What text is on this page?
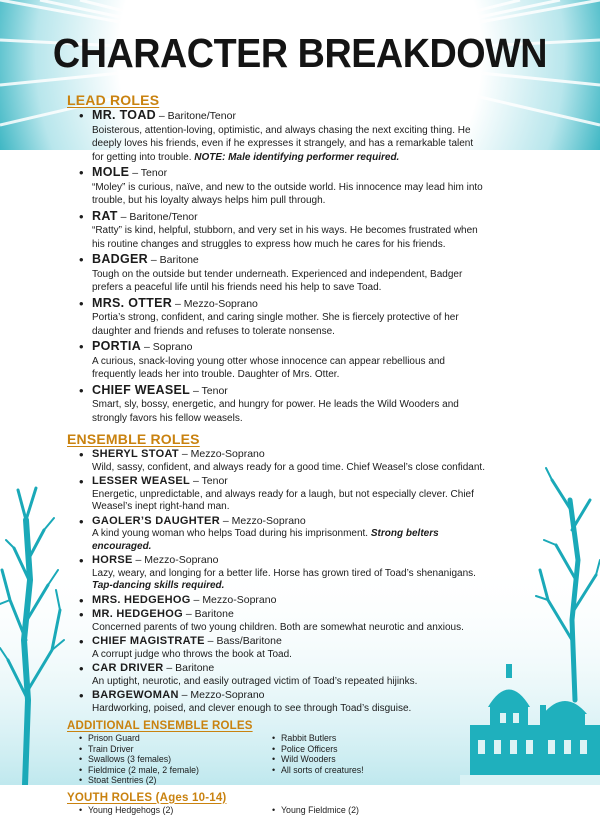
CHARACTER BREAKDOWN
LEAD ROLES
• MR. TOAD – Baritone/Tenor
Boisterous, attention-loving, optimistic, and always chasing the next exciting thing. He deeply loves his friends, even if he expresses it strangely, and has a remarkable talent for getting into trouble. NOTE: Male identifying performer required.
• MOLE – Tenor
“Moley” is curious, naïve, and new to the outside world. His innocence may lead him into trouble, but his loyalty always helps him pull through.
• RAT – Baritone/Tenor
“Ratty” is kind, helpful, stubborn, and very set in his ways. He becomes frustrated when his routine changes and struggles to express how much he cares for his friends.
• BADGER – Baritone
Tough on the outside but tender underneath. Experienced and independent, Badger prefers a peaceful life until his friends need his help to save Toad.
• MRS. OTTER – Mezzo-Soprano
Portia’s strong, confident, and caring single mother. She is fiercely protective of her daughter and friends and refuses to tolerate nonsense.
• PORTIA – Soprano
A curious, snack-loving young otter whose innocence can appear rebellious and frequently leads her into trouble. Daughter of Mrs. Otter.
• CHIEF WEASEL – Tenor
Smart, sly, bossy, energetic, and hungry for power. He leads the Wild Wooders and strongly favors his fellow weasels.
ENSEMBLE ROLES
• SHERYL STOAT – Mezzo-Soprano
Wild, sassy, confident, and always ready for a good time. Chief Weasel’s close confidant.
• LESSER WEASEL – Tenor
Energetic, unpredictable, and always ready for a laugh, but not especially clever. Chief Weasel’s inept right-hand man.
• GAOLER’S DAUGHTER – Mezzo-Soprano
A kind young woman who helps Toad during his imprisonment. Strong belters encouraged.
• HORSE – Mezzo-Soprano
Lazy, weary, and longing for a better life. Horse has grown tired of Toad’s shenanigans. Tap-dancing skills required.
• MRS. HEDGEHOG – Mezzo-Soprano
• MR. HEDGEHOG – Baritone
Concerned parents of two young children. Both are somewhat neurotic and anxious.
• CHIEF MAGISTRATE – Bass/Baritone
A corrupt judge who throws the book at Toad.
• CAR DRIVER – Baritone
An uptight, neurotic, and easily outraged victim of Toad’s repeated hijinks.
• BARGEWOMAN – Mezzo-Soprano
Hardworking, poised, and clever enough to see through Toad’s disguise.
ADDITIONAL ENSEMBLE ROLES
• Prison Guard
• Train Driver
• Swallows (3 females)
• Fieldmice (2 male, 2 female)
• Stoat Sentries (2)
• Rabbit Butlers
• Police Officers
• Wild Wooders
• All sorts of creatures!
YOUTH ROLES (Ages 10-14)
• Young Hedgehogs (2)
•	Young Fieldmice (2)
